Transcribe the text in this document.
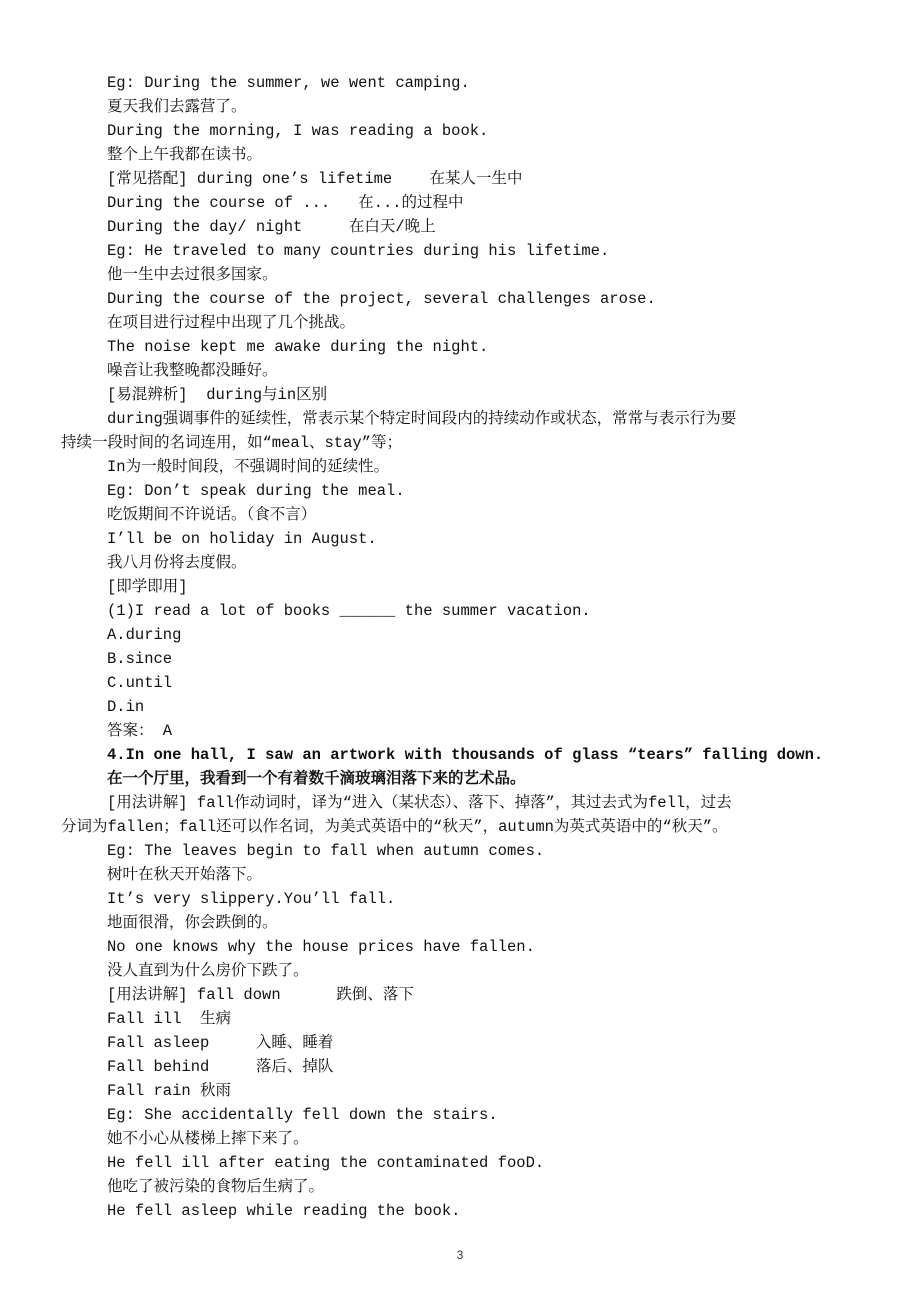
Eg: During the summer, we went camping.
夏天我们去露营了。
During the morning, I was reading a book.
整个上午我都在读书。
[常见搭配] during one’s lifetime    在某人一生中
During the course of ...   在...的过程中
During the day/ night     在白天/晚上
Eg: He traveled to many countries during his lifetime.
他一生中去过很多国家。
During the course of the project, several challenges arose.
在项目进行过程中出现了几个挑战。
The noise kept me awake during the night.
噪音让我整晚都没睡好。
[易混辨析]  during与in区别
during强调事件的延续性，常表示某个特定时间段内的持续动作或状态，常常与表示行为要
持续一段时间的名词连用，如“meal、stay”等；
In为一般时间段，不强调时间的延续性。
Eg: Don’t speak during the meal.
吃饭期间不许说话。（食不言）
I’ll be on holiday in August.
我八月份将去度假。
[即学即用]
(1)I read a lot of books ______ the summer vacation.
A.during
B.since
C.until
D.in
答案： A
4.In one hall, I saw an artwork with thousands of glass “tears” falling down.
在一个厅里，我看到一个有着数千滴玻璃泪落下来的艺术品。
[用法讲解] fall作动词时，译为“进入（某状态）、落下、掉落”，其过去式为fell，过去
分词为fallen；fall还可以作名词，为美式英语中的“秋天”，autumn为英式英语中的“秋天”。
Eg: The leaves begin to fall when autumn comes.
树叶在秋天开始落下。
It’s very slippery.You’ll fall.
地面很滑，你会跌倒的。
No one knows why the house prices have fallen.
没人直到为什么房价下跌了。
[用法讲解] fall down      跌倒、落下
Fall ill  生病
Fall asleep     入睡、睡着
Fall behind     落后、掉队
Fall rain 秋雨
Eg: She accidentally fell down the stairs.
她不小心从楼梯上摔下来了。
He fell ill after eating the contaminated fooD.
他吃了被污染的食物后生病了。
He fell asleep while reading the book.
3
